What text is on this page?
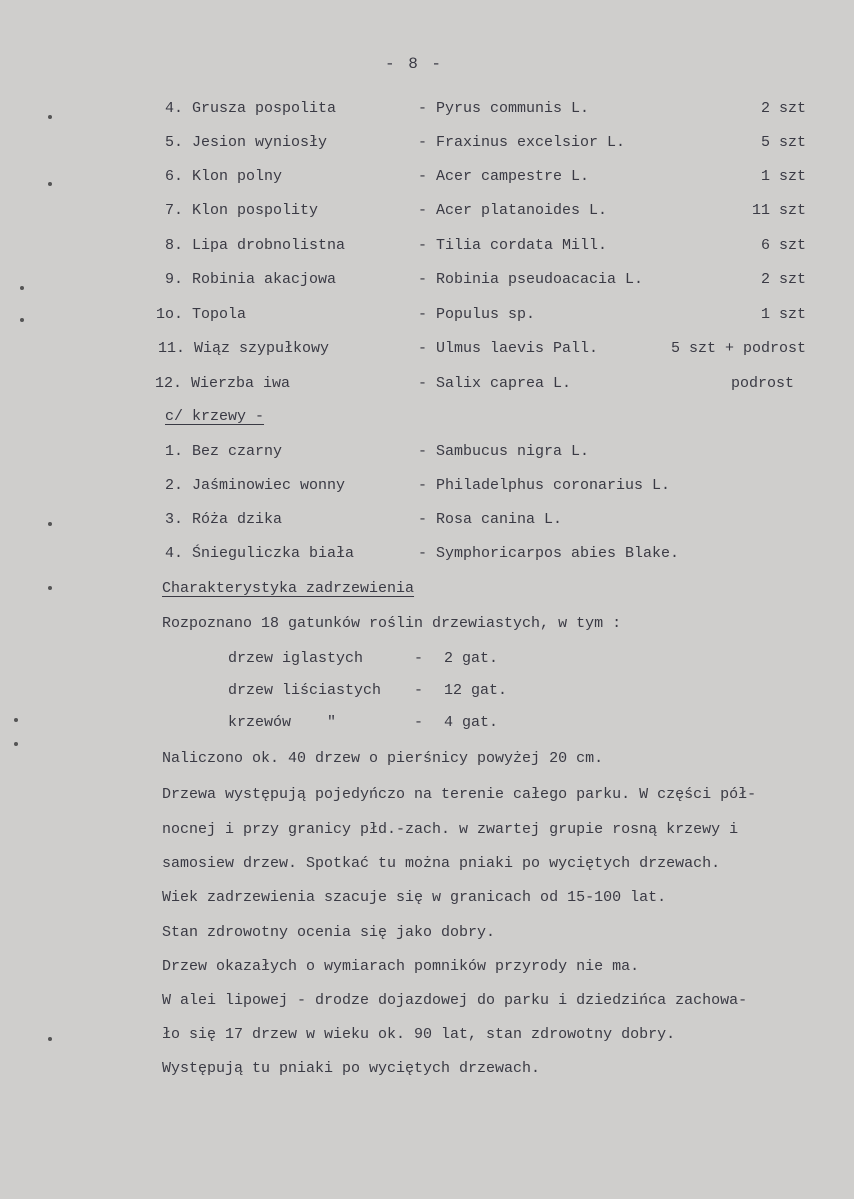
- 8 -
4. Grusza pospolita	- Pyrus communis L.	2 szt
5. Jesion wyniosły	- Fraxinus excelsior L.	5 szt
6. Klon polny	- Acer campestre L.	1 szt
7. Klon pospolity	- Acer platanoides L.	11 szt
8. Lipa drobnolistna	- Tilia cordata Mill.	6 szt
9. Robinia akacjowa	- Robinia pseudoacacia L.	2 szt
1o. Topola	- Populus sp.	1 szt
11. Wiąz szypułkowy	- Ulmus laevis Pall.	5 szt + podrost
12. Wierzba iwa	- Salix caprea L.	podrost
c/ krzewy -
1. Bez czarny	- Sambucus nigra L.
2. Jaśminowiec wonny	- Philadelphus coronarius L.
3. Róża dzika	- Rosa canina L.
4. Śnieguliczka biała	- Symphoricarpos abies Blake.
Charakterystyka zadrzewienia
Rozpoznano 18 gatunków roślin drzewiastych, w tym :
drzew iglastych	- 2 gat.
drzew liściastych - 12 gat.
krzewów    "	- 4 gat.
Naliczono ok. 40 drzew o pierśnicy powyżej 20 cm.
Drzewa występują pojedyńczo na terenie całego parku. W części pół-
nocnej i przy granicy płd.-zach. w zwartej grupie rosną krzewy i
samosiew drzew. Spotkać tu można pniaki po wyciętych drzewach.
Wiek zadrzewienia szacuje się w granicach od 15-100 lat.
Stan zdrowotny ocenia się jako dobry.
Drzew okazałych o wymiarach pomników przyrody nie ma.
W alei lipowej - drodze dojazdowej do parku i dziedzińca zachowa-
ło się 17 drzew w wieku ok. 90 lat, stan zdrowotny dobry.
Występują tu pniaki po wyciętych drzewach.
